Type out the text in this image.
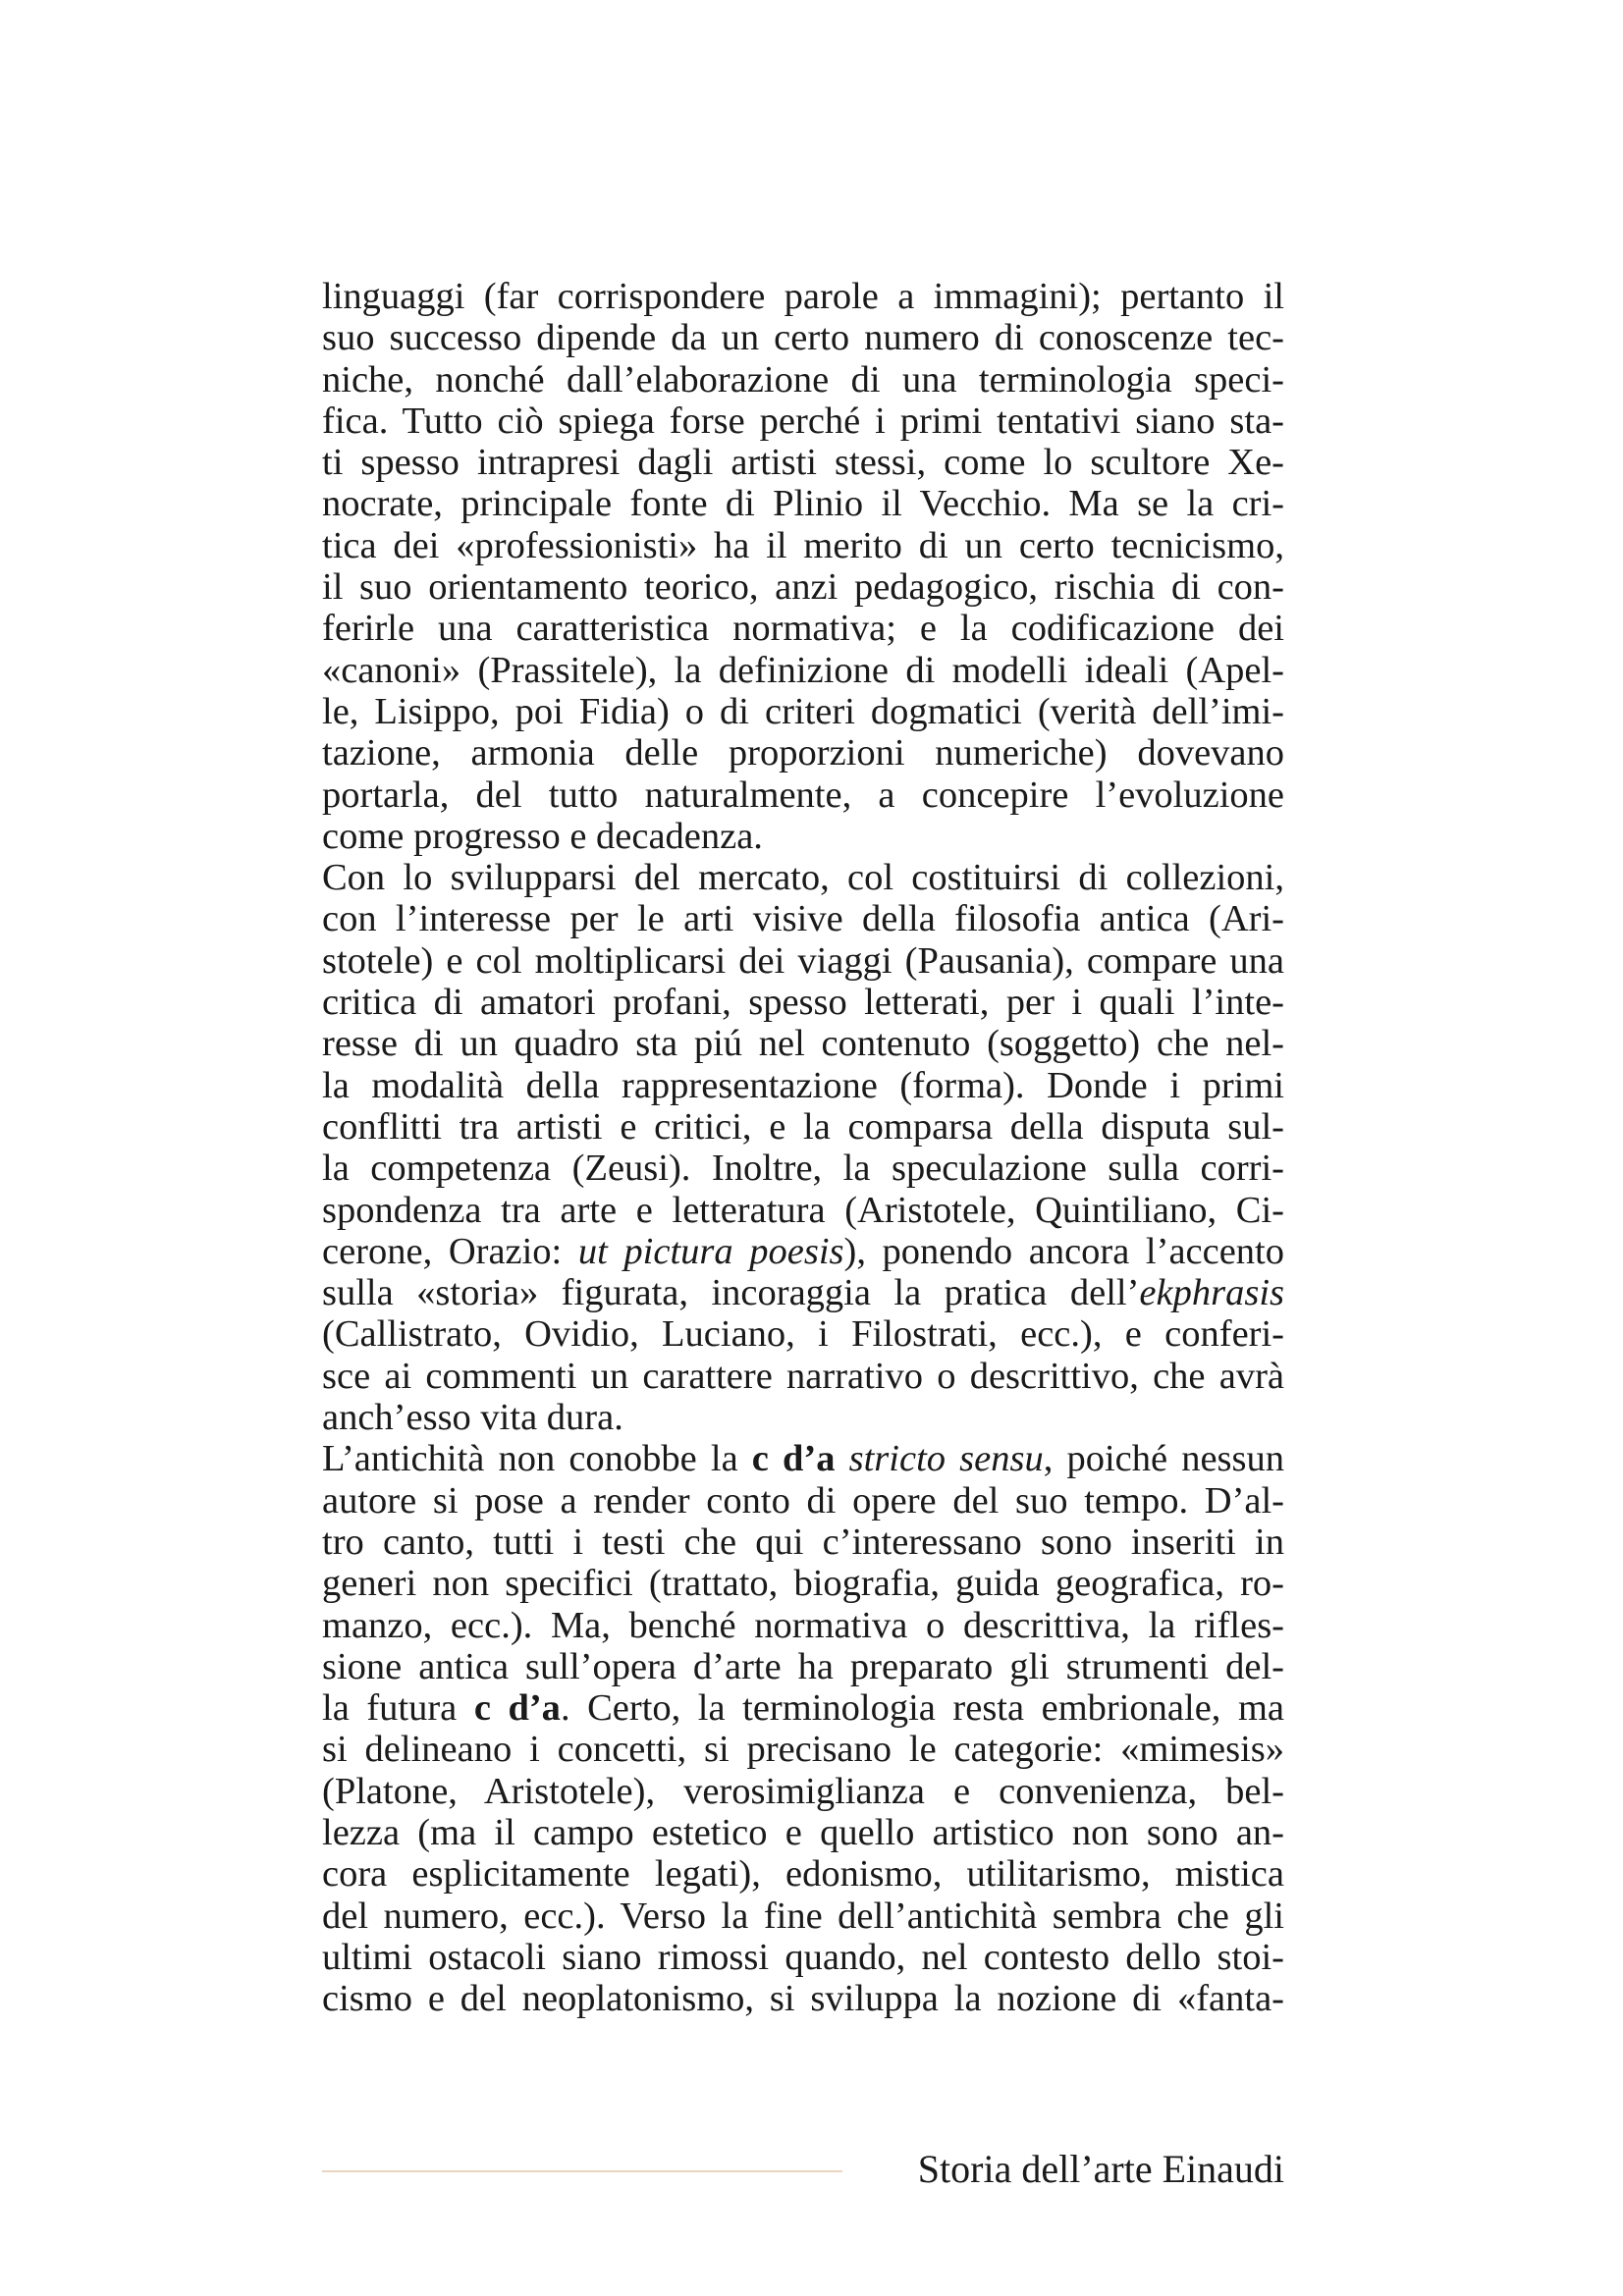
linguaggi (far corrispondere parole a immagini); pertanto il
suo successo dipende da un certo numero di conoscenze tec-
niche, nonché dall’elaborazione di una terminologia speci-
fica. Tutto ciò spiega forse perché i primi tentativi siano sta-
ti spesso intrapresi dagli artisti stessi, come lo scultore Xe-
nocrate, principale fonte di Plinio il Vecchio. Ma se la cri-
tica dei «professionisti» ha il merito di un certo tecnicismo,
il suo orientamento teorico, anzi pedagogico, rischia di con-
ferirle una caratteristica normativa; e la codificazione dei
«canoni» (Prassitele), la definizione di modelli ideali (Apel-
le, Lisippo, poi Fidia) o di criteri dogmatici (verità dell’imi-
tazione, armonia delle proporzioni numeriche) dovevano
portarla, del tutto naturalmente, a concepire l’evoluzione
come progresso e decadenza.
Con lo svilupparsi del mercato, col costituirsi di collezioni,
con l’interesse per le arti visive della filosofia antica (Ari-
stotele) e col moltiplicarsi dei viaggi (Pausania), compare una
critica di amatori profani, spesso letterati, per i quali l’inte-
resse di un quadro sta piú nel contenuto (soggetto) che nel-
la modalità della rappresentazione (forma). Donde i primi
conflitti tra artisti e critici, e la comparsa della disputa sul-
la competenza (Zeusi). Inoltre, la speculazione sulla corri-
spondenza tra arte e letteratura (Aristotele, Quintiliano, Ci-
cerone, Orazio: ut pictura poesis), ponendo ancora l’accento
sulla «storia» figurata, incoraggia la pratica dell’ekphrasis
(Callistrato, Ovidio, Luciano, i Filostrati, ecc.), e conferi-
sce ai commenti un carattere narrativo o descrittivo, che avrà
anch’esso vita dura.
L’antichità non conobbe la c d’a stricto sensu, poiché nessun
autore si pose a render conto di opere del suo tempo. D’al-
tro canto, tutti i testi che qui c’interessano sono inseriti in
generi non specifici (trattato, biografia, guida geografica, ro-
manzo, ecc.). Ma, benché normativa o descrittiva, la rifles-
sione antica sull’opera d’arte ha preparato gli strumenti del-
la futura c d’a. Certo, la terminologia resta embrionale, ma
si delineano i concetti, si precisano le categorie: «mimesis»
(Platone, Aristotele), verosimiglianza e convenienza, bel-
lezza (ma il campo estetico e quello artistico non sono an-
cora esplicitamente legati), edonismo, utilitarismo, mistica
del numero, ecc.). Verso la fine dell’antichità sembra che gli
ultimi ostacoli siano rimossi quando, nel contesto dello stoi-
cismo e del neoplatonismo, si sviluppa la nozione di «fanta-
Storia dell’arte Einaudi
